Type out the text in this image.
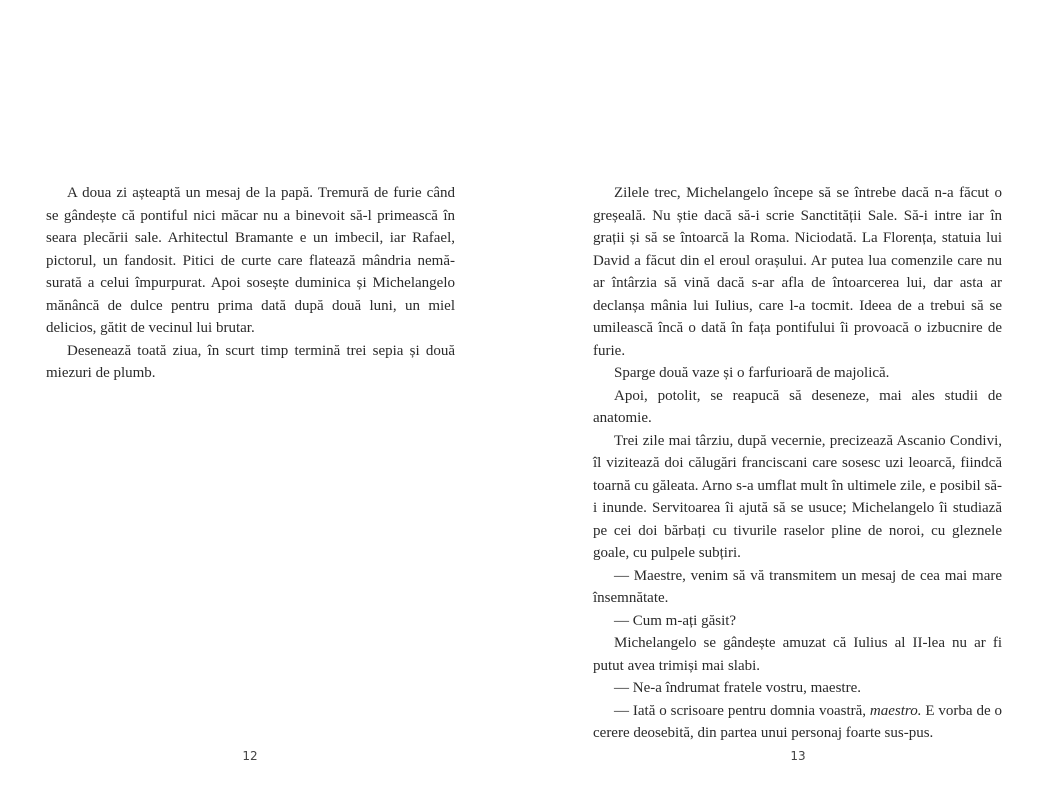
A doua zi așteaptă un mesaj de la papă. Tremură de furie când se gândește că pontiful nici măcar nu a binevoit să-l primească în seara plecării sale. Arhitectul Bramante e un imbecil, iar Rafael, pictorul, un fandosit. Pitici de curte care flatează mândria nemăsurată a celui împurpurat. Apoi sosește duminica și Michelangelo mănâncă de dulce pentru prima dată după două luni, un miel delicios, gătit de vecinul lui brutar.

Desenează toată ziua, în scurt timp termină trei sepia și două miezuri de plumb.

12

Zilele trec, Michelangelo începe să se întrebe dacă n-a făcut o greșeală. Nu știe dacă să-i scrie Sanctității Sale. Să-i intre iar în grații și să se întoarcă la Roma. Niciodată. La Florența, statuia lui David a făcut din el eroul orașului. Ar putea lua comenzile care nu ar întârzia să vină dacă s-ar afla de întoarcerea lui, dar asta ar declanșa mânia lui Iulius, care l-a tocmit. Ideea de a trebui să se umilească încă o dată în fața pontifului îi provoacă o izbucnire de furie.

Sparge două vaze și o farfurioară de majolică.

Apoi, potolit, se reapucă să deseneze, mai ales studii de anatomie.

Trei zile mai târziu, după vecernie, precizează Ascanio Condivi, îl vizitează doi călugări franciscani care sosesc uzi leoarcă, fiindcă toarnă cu găleata. Arno s-a umflat mult în ultimele zile, e posibil să-i inunde. Servitoarea îi ajută să se usuce; Michelangelo îi studiază pe cei doi bărbați cu tivurile raselor pline de noroi, cu gleznele goale, cu pulpele subțiri.

— Maestre, venim să vă transmitem un mesaj de cea mai mare însemnătate.

— Cum m-ați găsit?

Michelangelo se gândește amuzat că Iulius al II-lea nu ar fi putut avea trimiși mai slabi.

— Ne-a îndrumat fratele vostru, maestre.

— Iată o scrisoare pentru domnia voastră, maestro. E vorba de o cerere deosebită, din partea unui personaj foarte sus-pus.

13
